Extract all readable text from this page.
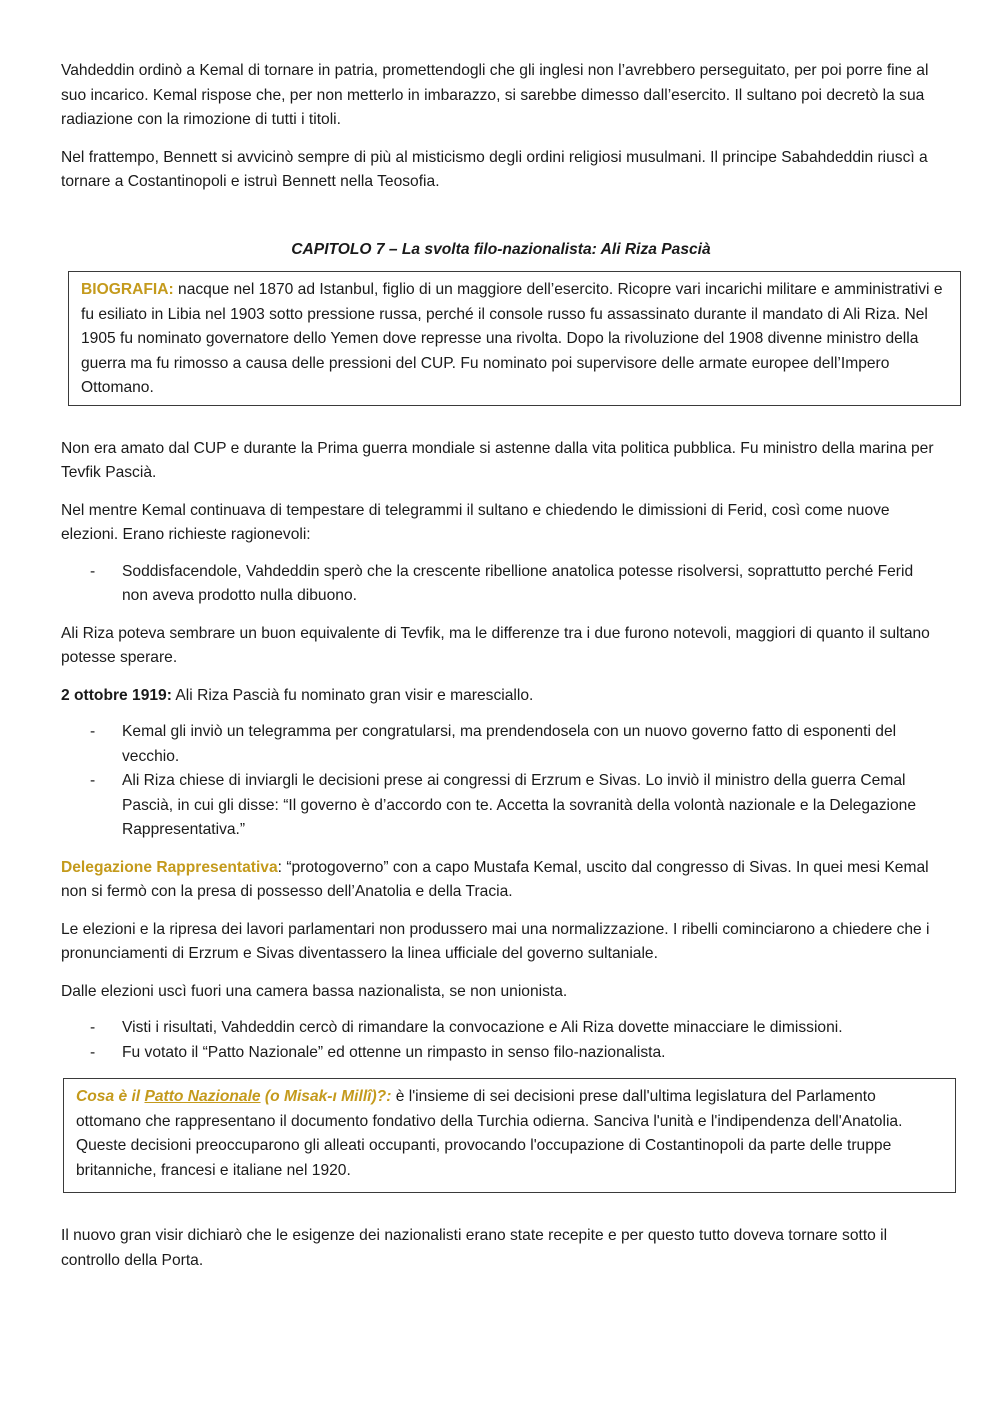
Vahdeddin ordinò a Kemal di tornare in patria, promettendogli che gli inglesi non l’avrebbero perseguitato, per poi porre fine al suo incarico. Kemal rispose che, per non metterlo in imbarazzo, si sarebbe dimesso dall’esercito. Il sultano poi decretò la sua radiazione con la rimozione di tutti i titoli.

Nel frattempo, Bennett si avvicinò sempre di più al misticismo degli ordini religiosi musulmani. Il principe Sabahdeddin riuscì a tornare a Costantinopoli e istruì Bennett nella Teosofia.

CAPITOLO 7 – La svolta filo-nazionalista: Ali Riza Pascià

BIOGRAFIA: nacque nel 1870 ad Istanbul, figlio di un maggiore dell’esercito. Ricopre vari incarichi militare e amministrativi e fu esiliato in Libia nel 1903 sotto pressione russa, perché il console russo fu assassinato durante il mandato di Ali Riza. Nel 1905 fu nominato governatore dello Yemen dove represse una rivolta. Dopo la rivoluzione del 1908 divenne ministro della guerra ma fu rimosso a causa delle pressioni del CUP. Fu nominato poi supervisore delle armate europee dell’Impero Ottomano.

Non era amato dal CUP e durante la Prima guerra mondiale si astenne dalla vita politica pubblica. Fu ministro della marina per Tevfik Pascià.

Nel mentre Kemal continuava di tempestare di telegrammi il sultano e chiedendo le dimissioni di Ferid, così come nuove elezioni. Erano richieste ragionevoli:

- Soddisfacendole, Vahdeddin sperò che la crescente ribellione anatolica potesse risolversi, soprattutto perché Ferid non aveva prodotto nulla dibuono.

Ali Riza poteva sembrare un buon equivalente di Tevfik, ma le differenze tra i due furono notevoli, maggiori di quanto il sultano potesse sperare.

2 ottobre 1919: Ali Riza Pascià fu nominato gran visir e maresciallo.

- Kemal gli inviò un telegramma per congratularsi, ma prendendosela con un nuovo governo fatto di esponenti del vecchio.
- Ali Riza chiese di inviargli le decisioni prese ai congressi di Erzrum e Sivas. Lo inviò il ministro della guerra Cemal Pascià, in cui gli disse: “Il governo è d’accordo con te. Accetta la sovranità della volontà nazionale e la Delegazione Rappresentativa.”

Delegazione Rappresentativa: “protogoverno” con a capo Mustafa Kemal, uscito dal congresso di Sivas. In quei mesi Kemal non si fermò con la presa di possesso dell’Anatolia e della Tracia.

Le elezioni e la ripresa dei lavori parlamentari non produssero mai una normalizzazione. I ribelli cominciarono a chiedere che i pronunciamenti di Erzrum e Sivas diventassero la linea ufficiale del governo sultaniale.

Dalle elezioni uscì fuori una camera bassa nazionalista, se non unionista.

- Visti i risultati, Vahdeddin cercò di rimandare la convocazione e Ali Riza dovette minacciare le dimissioni.
- Fu votato il “Patto Nazionale” ed ottenne un rimpasto in senso filo-nazionalista.

Cosa è il Patto Nazionale (o Misak-ı Millî)?: è l'insieme di sei decisioni prese dall'ultima legislatura del Parlamento ottomano che rappresentano il documento fondativo della Turchia odierna. Sanciva l'unità e l'indipendenza dell'Anatolia. Queste decisioni preoccuparono gli alleati occupanti, provocando l'occupazione di Costantinopoli da parte delle truppe britanniche, francesi e italiane nel 1920.

Il nuovo gran visir dichiarò che le esigenze dei nazionalisti erano state recepite e per questo tutto doveva tornare sotto il controllo della Porta.
